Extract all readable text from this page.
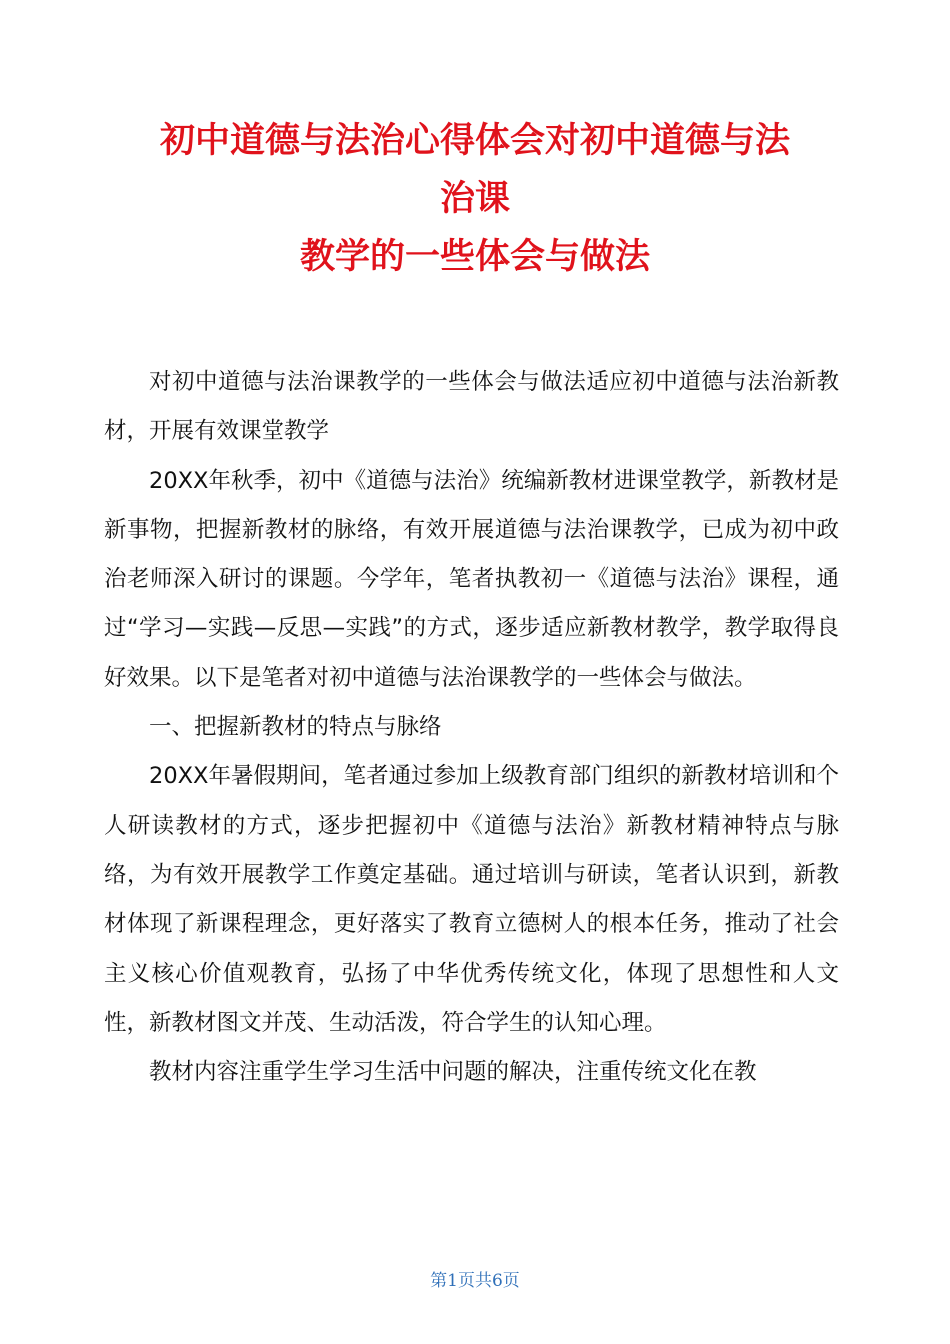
初中道德与法治心得体会对初中道德与法
治课
教学的一些体会与做法

对初中道德与法治课教学的一些体会与做法适应初中道德与法治新教材，开展有效课堂教学

20XX年秋季，初中《道德与法治》统编新教材进课堂教学，新教材是新事物，把握新教材的脉络，有效开展道德与法治课教学，已成为初中政治老师深入研讨的课题。今学年，笔者执教初一《道德与法治》课程，通过“学习—实践—反思—实践”的方式，逐步适应新教材教学，教学取得良好效果。以下是笔者对初中道德与法治课教学的一些体会与做法。

一、把握新教材的特点与脉络

20XX年暑假期间，笔者通过参加上级教育部门组织的新教材培训和个人研读教材的方式，逐步把握初中《道德与法治》新教材精神特点与脉络，为有效开展教学工作奠定基础。通过培训与研读，笔者认识到，新教材体现了新课程理念，更好落实了教育立德树人的根本任务，推动了社会主义核心价值观教育，弘扬了中华优秀传统文化，体现了思想性和人文性，新教材图文并茂、生动活泼，符合学生的认知心理。

教材内容注重学生学习生活中问题的解决，注重传统文化在教

第1页共6页
